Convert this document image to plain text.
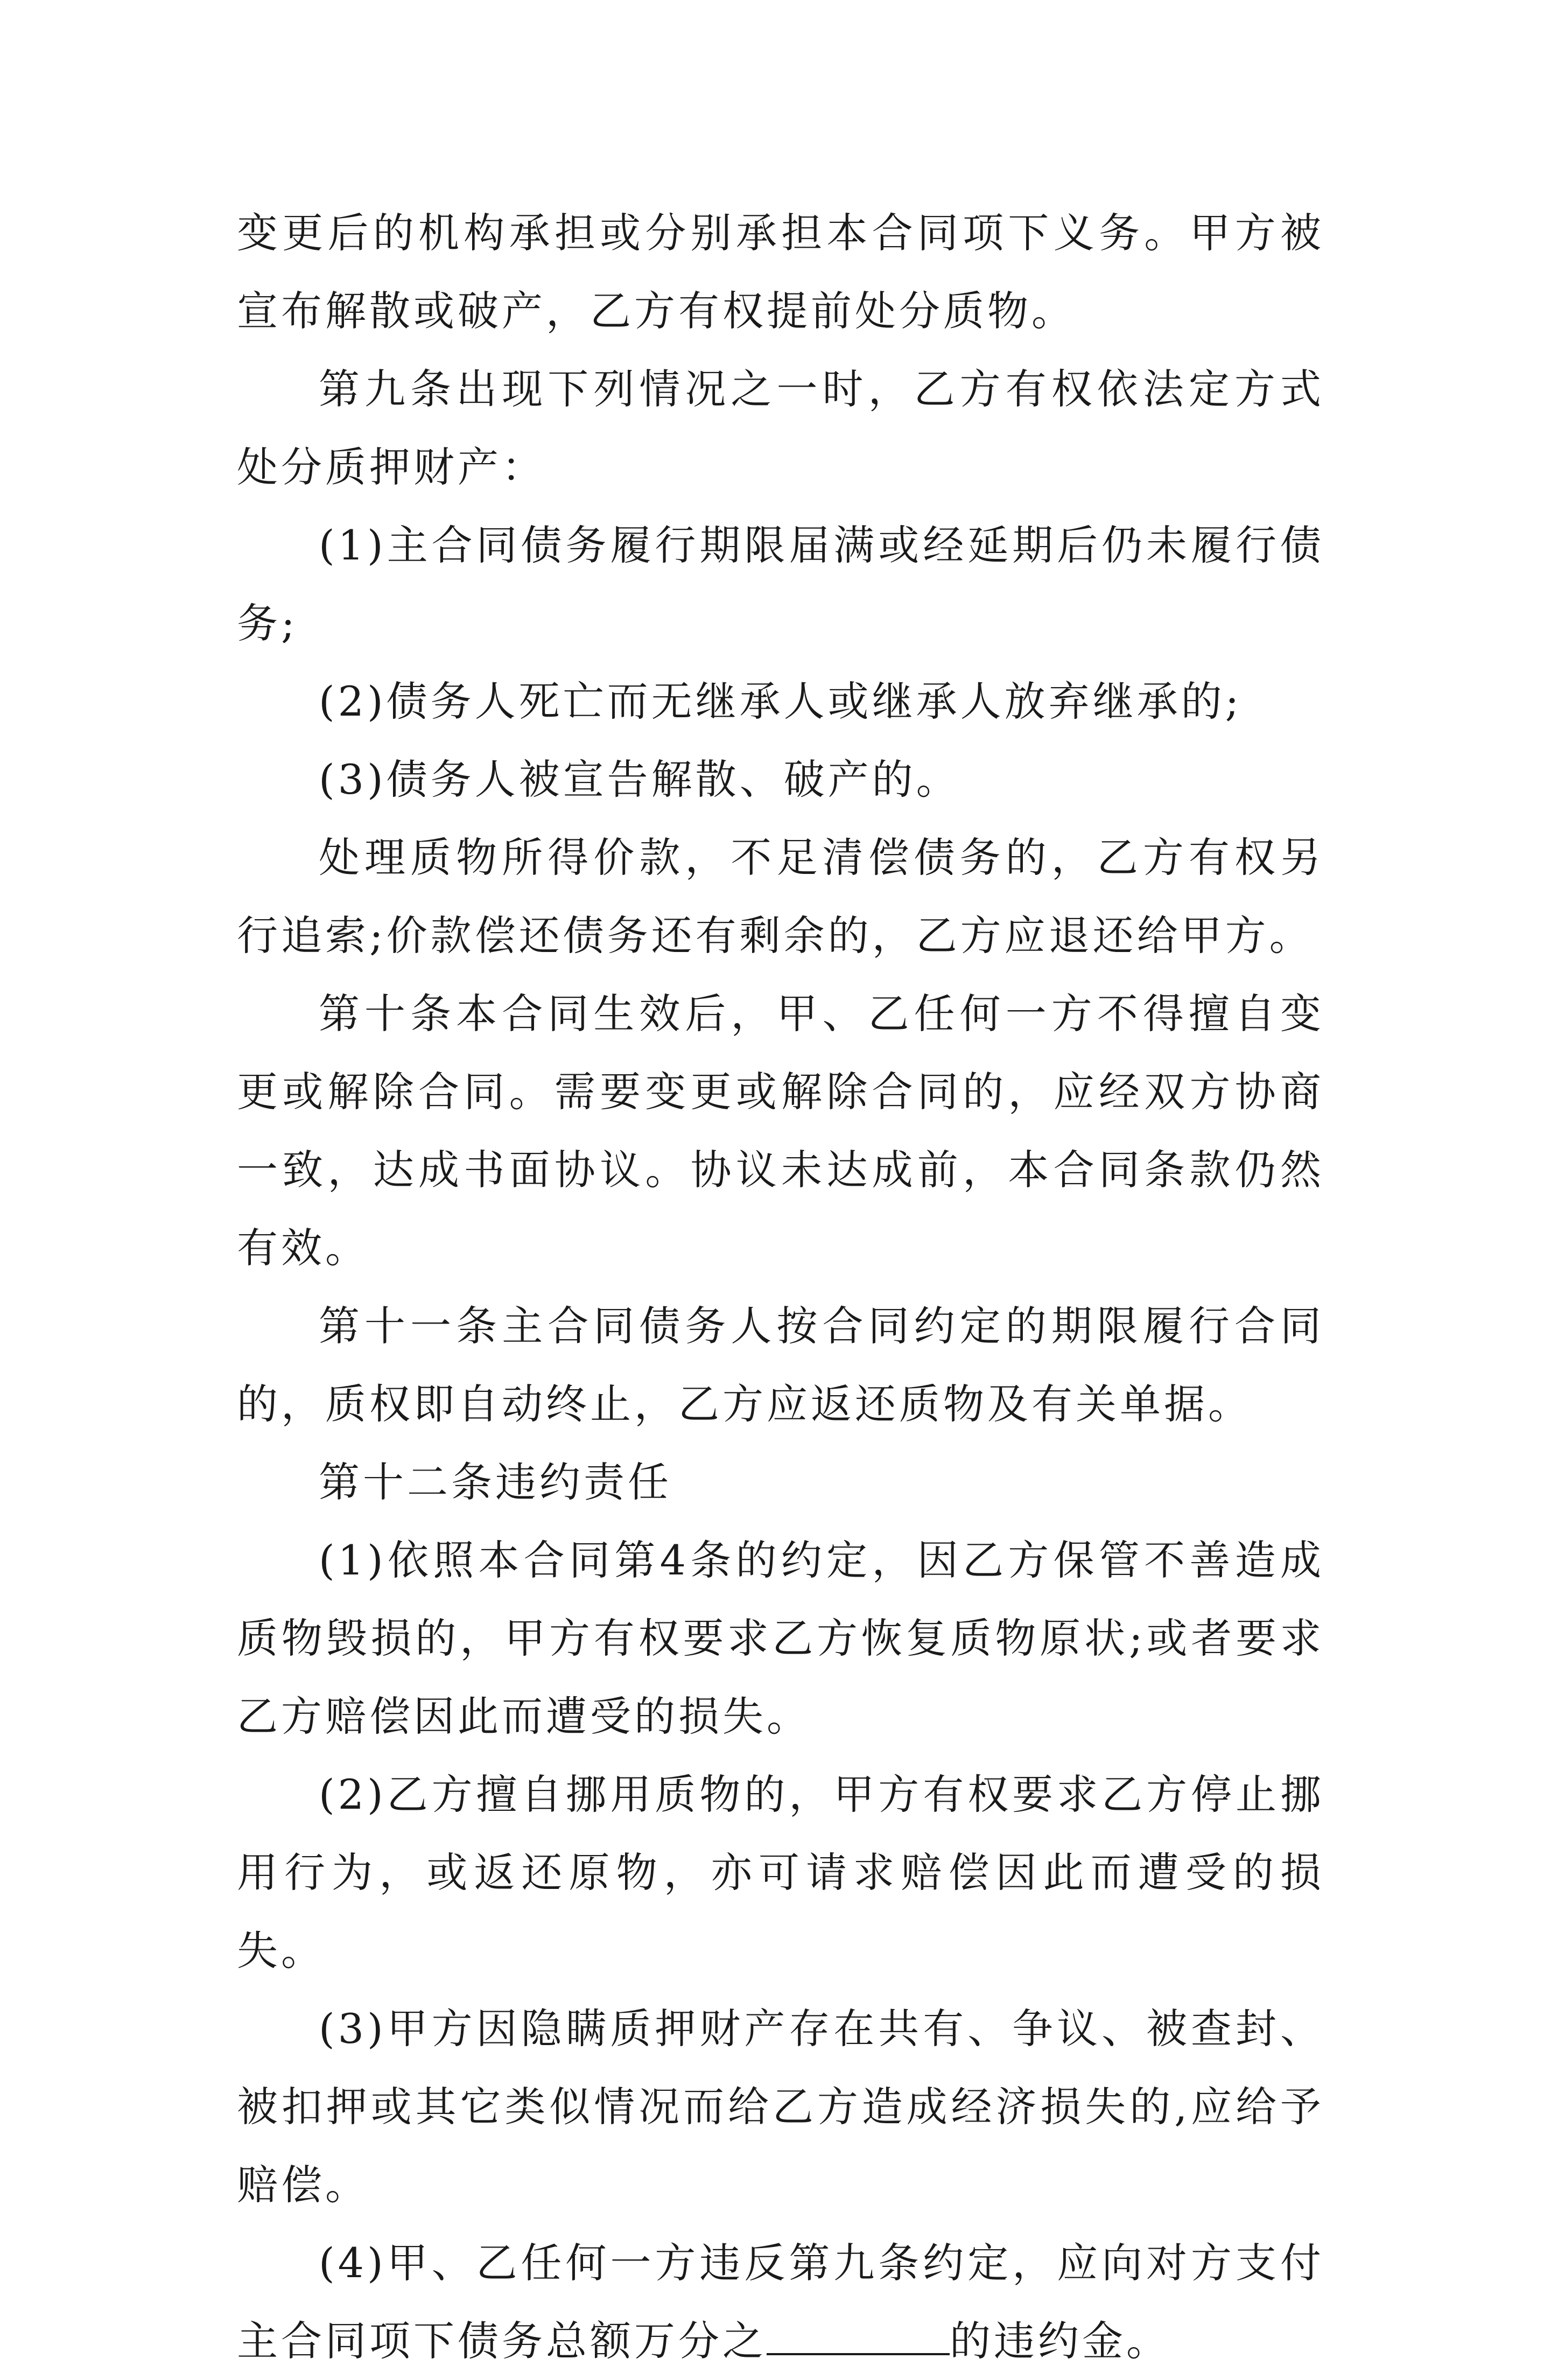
变更后的机构承担或分别承担本合同项下义务。甲方被宣布解散或破产，乙方有权提前处分质物。

第九条出现下列情况之一时，乙方有权依法定方式处分质押财产：

(1)主合同债务履行期限届满或经延期后仍未履行债务;

(2)债务人死亡而无继承人或继承人放弃继承的;

(3)债务人被宣告解散、破产的。

处理质物所得价款，不足清偿债务的，乙方有权另行追索;价款偿还债务还有剩余的，乙方应退还给甲方。

第十条本合同生效后，甲、乙任何一方不得擅自变更或解除合同。需要变更或解除合同的，应经双方协商一致，达成书面协议。协议未达成前，本合同条款仍然有效。

第十一条主合同债务人按合同约定的期限履行合同的，质权即自动终止，乙方应返还质物及有关单据。

第十二条违约责任

(1)依照本合同第4条的约定，因乙方保管不善造成质物毁损的，甲方有权要求乙方恢复质物原状;或者要求乙方赔偿因此而遭受的损失。

(2)乙方擅自挪用质物的，甲方有权要求乙方停止挪用行为，或返还原物，亦可请求赔偿因此而遭受的损失。

(3)甲方因隐瞒质押财产存在共有、争议、被查封、被扣押或其它类似情况而给乙方造成经济损失的,应给予赔偿。

(4)甲、乙任何一方违反第九条约定，应向对方支付主合同项下债务总额万分之	的违约金。
